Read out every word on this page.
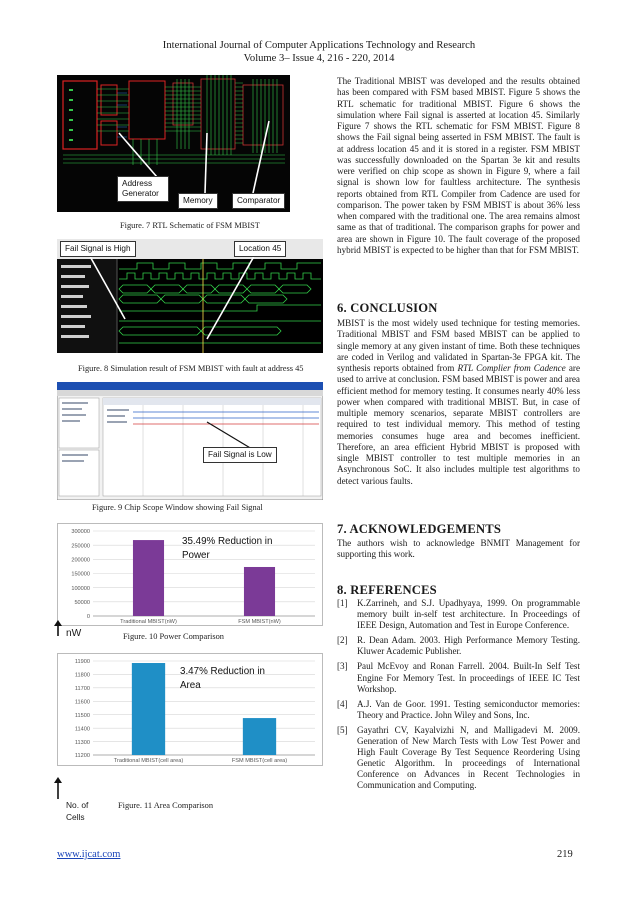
International Journal of Computer Applications Technology and Research
Volume 3– Issue 4, 216 - 220, 2014
Address
Generator
Memory	Comparator
Figure. 7 RTL Schematic of FSM MBIST
Fail Signal is High	Location 45
Figure. 8 Simulation result of FSM MBIST with fault at address 45
Fail Signal is Low
Figure. 9 Chip Scope Window showing Fail Signal
0
50000
100000
150000
200000
250000
300000
Traditional MBIST(nW)	FSM MBIST(nW)
35.49% Reduction in Power
nW	Figure. 10 Power Comparison
11200
11300
11400
11500
11600
11700
11800
11900
Traditional MBIST(cell area)	FSM MBIST(cell area)
3.47% Reduction in Area
No. of Cells
Figure. 11 Area Comparison
The Traditional MBIST was developed and the results obtained has been compared with FSM based MBIST. Figure 5 shows the RTL schematic for traditional MBIST. Figure 6 shows the simulation where Fail signal is asserted at location 45. Similarly Figure 7 shows the RTL schematic for FSM MBIST. Figure 8 shows the Fail signal being asserted in FSM MBIST. The fault is at address location 45 and it is stored in a register. FSM MBIST was successfully downloaded on the Spartan 3e kit and results were verified on chip scope as shown in Figure 9, where a fail signal is shown low for faultless architecture. The synthesis reports obtained from RTL Compiler from Cadence are used for comparison. The power taken by FSM MBIST is about 36% less when compared with the traditional one. The area remains almost same as that of traditional. The comparison graphs for power and area are shown in Figure 10. The fault coverage of the proposed hybrid MBIST is expected to be higher than that for FSM MBIST.
6. CONCLUSION
MBIST is the most widely used technique for testing memories. Traditional MBIST and FSM based MBIST can be applied to single memory at any given instant of time. Both these techniques are coded in Verilog and validated in Spartan-3e FPGA kit. The synthesis reports obtained from RTL Complier from Cadence are used to arrive at conclusion. FSM based MBIST is power and area efficient method for memory testing. It consumes nearly 40% less power when compared with traditional MBIST. But, in case of multiple memory scenarios, separate MBIST controllers are required to test individual memory. This method of testing memories consumes huge area and becomes inefficient. Therefore, an area efficient Hybrid MBIST is proposed with single MBIST controller to test multiple memories in an Asynchronous SoC. It also includes multiple test algorithms to detect various faults.
7. ACKNOWLEDGEMENTS
The authors wish to acknowledge BNMIT Management for supporting this work.
8. REFERENCES
[1] K.Zarrineh, and S.J. Upadhyaya, 1999. On programmable memory built in-self test architecture. In Proceedings of IEEE Design, Automation and Test in Europe Conference.
[2] R. Dean Adam. 2003. High Performance Memory Testing. Kluwer Academic Publisher.
[3] Paul McEvoy and Ronan Farrell. 2004. Built-In Self Test Engine For Memory Test. In proceedings of IEEE IC Test Workshop.
[4] A.J. Van de Goor. 1991. Testing semiconductor memories: Theory and Practice. John Wiley and Sons, Inc.
[5] Gayathri CV, Kayalvizhi N, and Malligadevi M. 2009. Generation of New March Tests with Low Test Power and High Fault Coverage By Test Sequence Reordering Using Genetic Algorithm. In proceedings of International Conference on Advances in Recent Technologies in Communication and Computing.
www.ijcat.com	219
